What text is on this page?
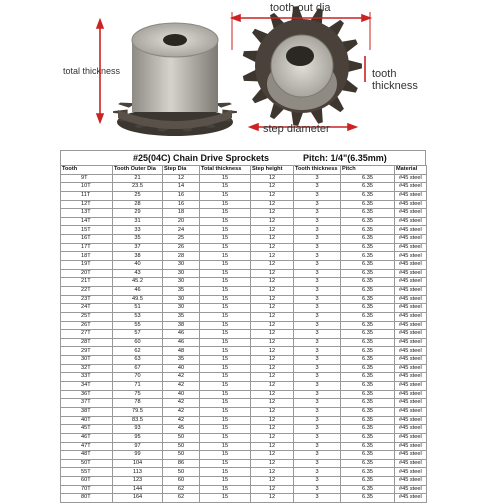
total thickness
tooth out dia
tooth thickness
step diameter
#25(04C) Chain Drive Sprockets	Pitch: 1/4"(6.35mm)
Tooth	Tooth Outer Dia	Step Dia	Total thickness	Step height	Tooth thickness	Pitch	Material
9T	21	12	15	12	3	6.35	#45 steel
10T	23.5	14	15	12	3	6.35	#45 steel
11T	25	16	15	12	3	6.35	#45 steel
12T	28	16	15	12	3	6.35	#45 steel
13T	29	18	15	12	3	6.35	#45 steel
14T	31	20	15	12	3	6.35	#45 steel
15T	33	24	15	12	3	6.35	#45 steel
16T	35	25	15	12	3	6.35	#45 steel
17T	37	26	15	12	3	6.35	#45 steel
18T	38	28	15	12	3	6.35	#45 steel
19T	40	30	15	12	3	6.35	#45 steel
20T	43	30	15	12	3	6.35	#45 steel
21T	45.2	30	15	12	3	6.35	#45 steel
22T	46	35	15	12	3	6.35	#45 steel
23T	49.5	30	15	12	3	6.35	#45 steel
24T	51	30	15	12	3	6.35	#45 steel
25T	53	35	15	12	3	6.35	#45 steel
26T	55	38	15	12	3	6.35	#45 steel
27T	57	46	15	12	3	6.35	#45 steel
28T	60	46	15	12	3	6.35	#45 steel
29T	62	48	15	12	3	6.35	#45 steel
30T	63	35	15	12	3	6.35	#45 steel
32T	67	40	15	12	3	6.35	#45 steel
33T	70	42	15	12	3	6.35	#45 steel
34T	71	42	15	12	3	6.35	#45 steel
36T	75	40	15	12	3	6.35	#45 steel
37T	78	42	15	12	3	6.35	#45 steel
38T	79.5	42	15	12	3	6.35	#45 steel
40T	83.5	42	15	12	3	6.35	#45 steel
45T	93	45	15	12	3	6.35	#45 steel
46T	95	50	15	12	3	6.35	#45 steel
47T	97	50	15	12	3	6.35	#45 steel
48T	99	50	15	12	3	6.35	#45 steel
50T	104	86	15	12	3	6.35	#45 steel
55T	113	50	15	12	3	6.35	#45 steel
60T	123	60	15	12	3	6.35	#45 steel
70T	144	62	15	12	3	6.35	#45 steel
80T	164	62	15	12	3	6.35	#45 steel
